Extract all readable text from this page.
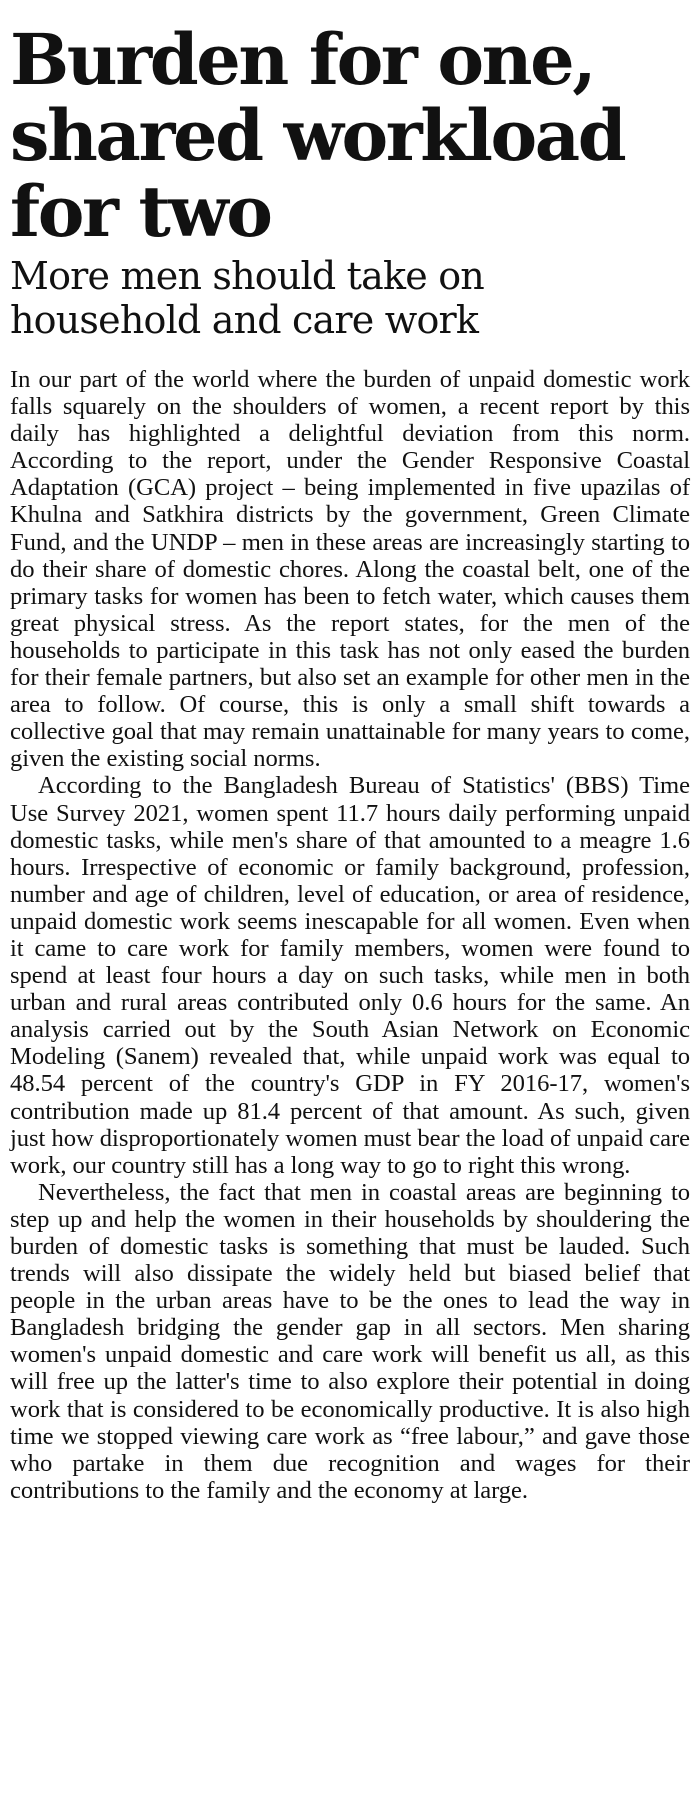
Burden for one,
shared workload
for two
More men should take on
household and care work

In our part of the world where the burden of unpaid domestic work falls squarely on the shoulders of women, a recent report by this daily has highlighted a delightful deviation from this norm. According to the report, under the Gender Responsive Coastal Adaptation (GCA) project – being implemented in five upazilas of Khulna and Satkhira districts by the government, Green Climate Fund, and the UNDP – men in these areas are increasingly starting to do their share of domestic chores. Along the coastal belt, one of the primary tasks for women has been to fetch water, which causes them great physical stress. As the report states, for the men of the households to participate in this task has not only eased the burden for their female partners, but also set an example for other men in the area to follow. Of course, this is only a small shift towards a collective goal that may remain unattainable for many years to come, given the existing social norms.

According to the Bangladesh Bureau of Statistics' (BBS) Time Use Survey 2021, women spent 11.7 hours daily performing unpaid domestic tasks, while men's share of that amounted to a meagre 1.6 hours. Irrespective of economic or family background, profession, number and age of children, level of education, or area of residence, unpaid domestic work seems inescapable for all women. Even when it came to care work for family members, women were found to spend at least four hours a day on such tasks, while men in both urban and rural areas contributed only 0.6 hours for the same. An analysis carried out by the South Asian Network on Economic Modeling (Sanem) revealed that, while unpaid work was equal to 48.54 percent of the country's GDP in FY 2016-17, women's contribution made up 81.4 percent of that amount. As such, given just how disproportionately women must bear the load of unpaid care work, our country still has a long way to go to right this wrong.

Nevertheless, the fact that men in coastal areas are beginning to step up and help the women in their households by shouldering the burden of domestic tasks is something that must be lauded. Such trends will also dissipate the widely held but biased belief that people in the urban areas have to be the ones to lead the way in Bangladesh bridging the gender gap in all sectors. Men sharing women's unpaid domestic and care work will benefit us all, as this will free up the latter's time to also explore their potential in doing work that is considered to be economically productive. It is also high time we stopped viewing care work as “free labour,” and gave those who partake in them due recognition and wages for their contributions to the family and the economy at large.
